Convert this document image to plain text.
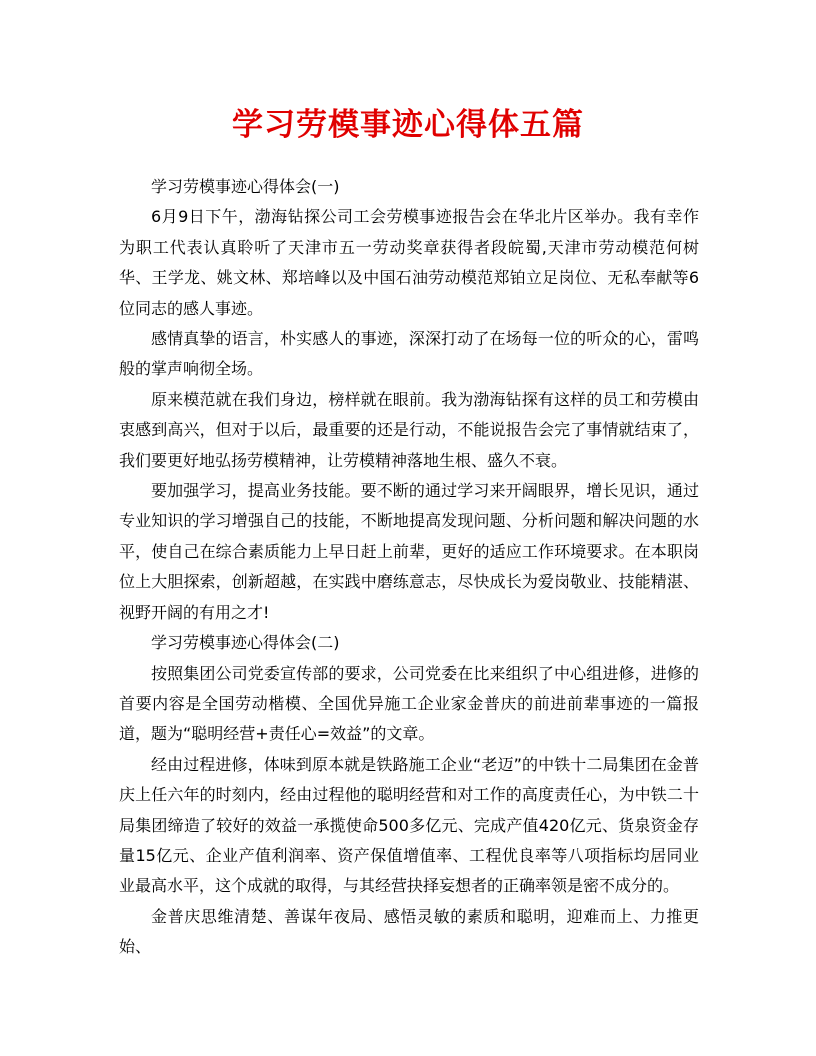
学习劳模事迹心得体五篇

学习劳模事迹心得体会(一)

6月9日下午，渤海钻探公司工会劳模事迹报告会在华北片区举办。我有幸作为职工代表认真聆听了天津市五一劳动奖章获得者段皖蜀,天津市劳动模范何树华、王学龙、姚文林、郑培峰以及中国石油劳动模范郑铂立足岗位、无私奉献等6位同志的感人事迹。

感情真挚的语言，朴实感人的事迹，深深打动了在场每一位的听众的心，雷鸣般的掌声响彻全场。

原来模范就在我们身边，榜样就在眼前。我为渤海钻探有这样的员工和劳模由衷感到高兴，但对于以后，最重要的还是行动，不能说报告会完了事情就结束了，我们要更好地弘扬劳模精神，让劳模精神落地生根、盛久不衰。

要加强学习，提高业务技能。要不断的通过学习来开阔眼界，增长见识，通过专业知识的学习增强自己的技能，不断地提高发现问题、分析问题和解决问题的水平，使自己在综合素质能力上早日赶上前辈，更好的适应工作环境要求。在本职岗位上大胆探索，创新超越，在实践中磨练意志，尽快成长为爱岗敬业、技能精湛、视野开阔的有用之才!

学习劳模事迹心得体会(二)

按照集团公司党委宣传部的要求，公司党委在比来组织了中心组进修，进修的首要内容是全国劳动楷模、全国优异施工企业家金普庆的前进前辈事迹的一篇报道，题为“聪明经营+责任心=效益”的文章。

经由过程进修，体味到原本就是铁路施工企业“老迈”的中铁十二局集团在金普庆上任六年的时刻内，经由过程他的聪明经营和对工作的高度责任心，为中铁二十局集团缔造了较好的效益一承揽使命500多亿元、完成产值420亿元、货泉资金存量15亿元、企业产值利润率、资产保值增值率、工程优良率等八项指标均居同业业最高水平，这个成就的取得，与其经营抉择妄想者的正确率领是密不成分的。

金普庆思维清楚、善谋年夜局、感悟灵敏的素质和聪明，迎难而上、力推更始、
